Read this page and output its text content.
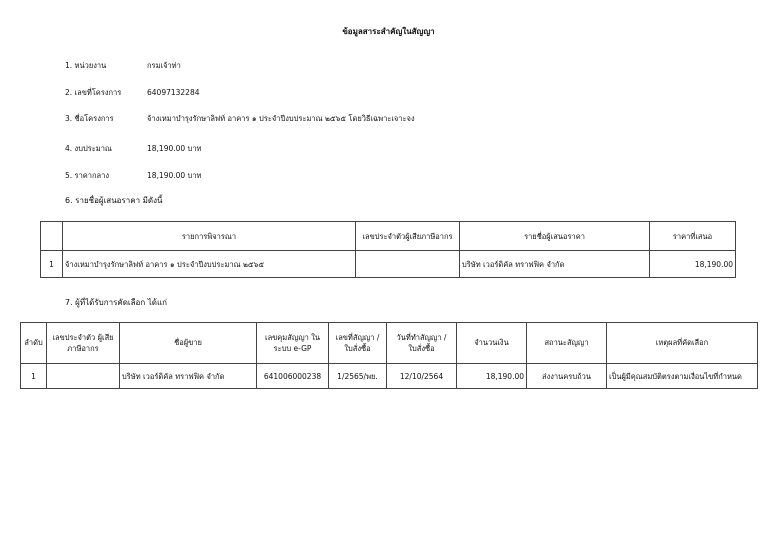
ข้อมูลสาระสำคัญในสัญญา
1. หน่วยงาน	กรมเจ้าท่า
2. เลขที่โครงการ	64097132284
3. ชื่อโครงการ	จ้างเหมาบำรุงรักษาลิฟท์ อาคาร ๑ ประจำปีงบประมาณ ๒๕๖๕ โดยวิธีเฉพาะเจาะจง
4. งบประมาณ	18,190.00 บาท
5. ราคากลาง	18,190.00 บาท
6. รายชื่อผู้เสนอราคา มีดังนี้
	รายการพิจารณา	เลขประจำตัวผู้เสียภาษีอากร	รายชื่อผู้เสนอราคา	ราคาที่เสนอ
1	จ้างเหมาบำรุงรักษาลิฟท์ อาคาร ๑ ประจำปีงบประมาณ ๒๕๖๕		บริษัท เวอร์ดิคัล ทราฟฟิค จำกัด	18,190.00
7. ผู้ที่ได้รับการคัดเลือก ได้แก่
ลำดับ	เลขประจำตัว ผู้เสียภาษีอากร	ชื่อผู้ขาย	เลขคุมสัญญา ในระบบ e-GP	เลขที่สัญญา / ใบสั่งซื้อ	วันที่ทำสัญญา / ใบสั่งซื้อ	จำนวนเงิน	สถานะสัญญา	เหตุผลที่คัดเลือก
1		บริษัท เวอร์ดิคัล ทราฟฟิค จำกัด	641006000238	1/2565/พย.	12/10/2564	18,190.00	ส่งงานครบถ้วน	เป็นผู้มีคุณสมบัติตรงตามเงื่อนไขที่กำหนด
